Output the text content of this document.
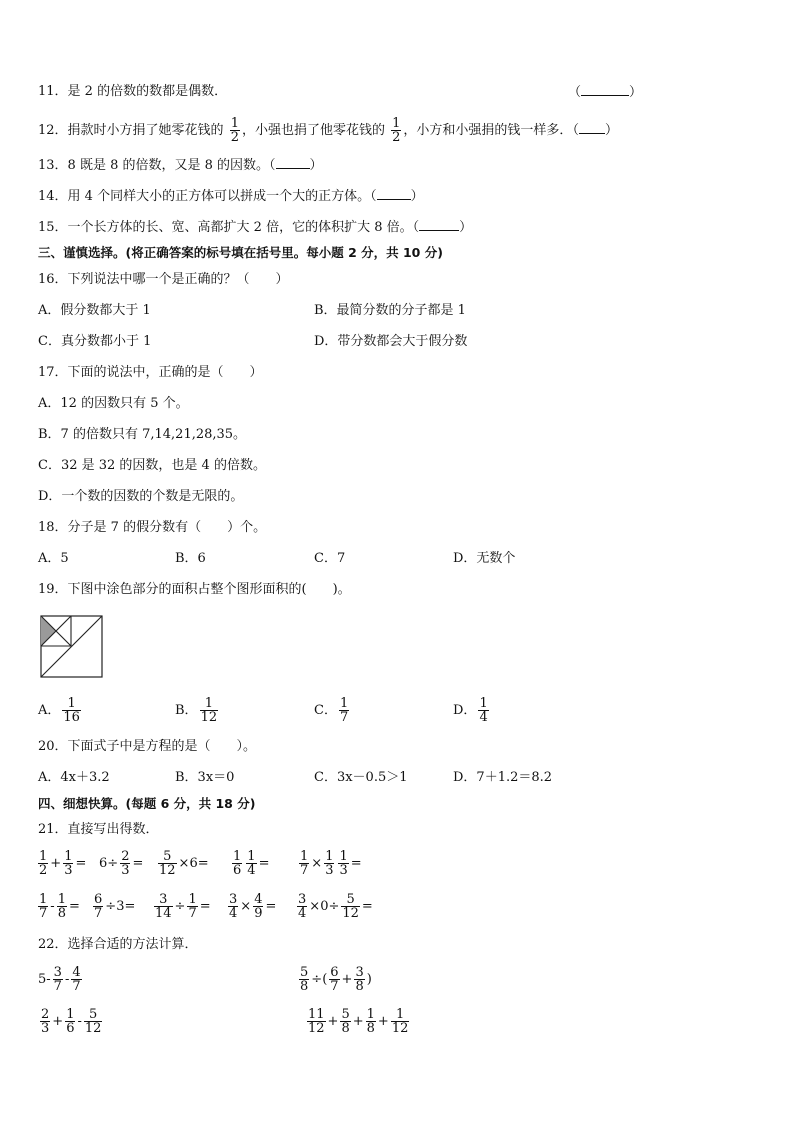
11．是 2 的倍数的数都是偶数．	（	）
12．捐款时小方捐了她零花钱的 $\frac{1}{2}$ ，小强也捐了他零花钱的 $\frac{1}{2}$ ，小方和小强捐的钱一样多．（ ）
13．8 既是 8 的倍数，又是 8 的因数。（	）
14．用 4 个同样大小的正方体可以拼成一个大的正方体。（	）
15．一个长方体的长、宽、高都扩大 2 倍，它的体积扩大 8 倍。（	）
三、谨慎选择。(将正确答案的标号填在括号里。每小题 2 分，共 10 分)
16．下列说法中哪一个是正确的？（　　）
A．假分数都大于 1	B．最简分数的分子都是 1
C．真分数都小于 1	D．带分数都会大于假分数
17．下面的说法中，正确的是（　　）
A．12 的因数只有 5 个。
B．7 的倍数只有 7,14,21,28,35。
C．32 是 32 的因数，也是 4 的倍数。
D．一个数的因数的个数是无限的。
18．分子是 7 的假分数有（　　）个。
A．5	B．6	C．7	D．无数个
19．下图中涂色部分的面积占整个图形面积的(　　)。
A． $\frac{1}{16}$	B． $\frac{1}{12}$	C． $\frac{1}{7}$	D． $\frac{1}{4}$
20．下面式子中是方程的是（　　）。
A．4x＋3.2	B．3x＝0	C．3x－0.5＞1	D．7＋1.2＝8.2
四、细想快算。(每题 6 分，共 18 分)
21．直接写出得数．
$\frac{1}{2} + \frac{1}{3} = 6\div \frac{2}{3} = \frac{5}{12} \times 6= \frac{1}{6} \frac{1}{4} = \frac{1}{7} \times \frac{1}{3} \frac{1}{3}$ =
$\frac{1}{7} - \frac{1}{8} = \frac{6}{7} \div 3= \frac{3}{14} \div \frac{1}{7} = \frac{3}{4} \times \frac{4}{9} = \frac{3}{4} \times 0\div \frac{5}{12}$ =
22．选择合适的方法计算．
$5- \frac{3}{7} - \frac{4}{7}$	$\frac{5}{8}$ ÷( $\frac{6}{7} + \frac{3}{8}$ )
$\frac{2}{3} + \frac{1}{6} - \frac{5}{12}$	$\frac{11}{12} + \frac{5}{8} + \frac{1}{8} + \frac{1}{12}$
